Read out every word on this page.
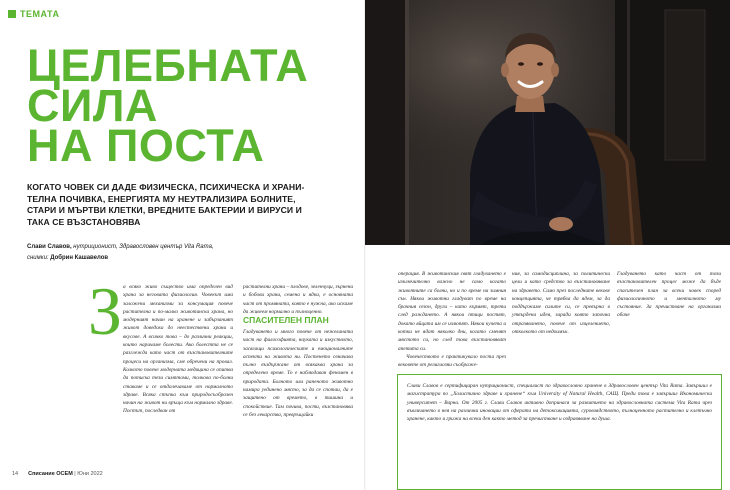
ТЕМАТА
ЦЕЛЕБНАТА
СИЛА
НА ПОСТА
КОГАТО ЧОВЕК СИ ДАДЕ ФИЗИЧЕСКА, ПСИХИЧЕСКА И ХРАНИ-ТЕЛНА ПОЧИВКА, ЕНЕРГИЯТА МУ НЕУТРАЛИЗИРА БОЛНИТЕ, СТАРИ И МЪРТВИ КЛЕТКИ, ВРЕДНИТЕ БАКТЕРИИ И ВИРУСИ И ТАКА СЕ ВЪЗСТАНОВЯВА
Слави Славов, нутриционист, Здравословен център Vita Rama,
снимки: Добрин Кашавелов
З а всяко живо същество има определен вид храна за неговата физиология. Човекът има заложени механизми за консумация повече растителна и по-малко животинска храна, но модерният начин на хранене и забързаният живот доведоха до неестествени храни и вкусове. А всичко това – до различни реакции, които наричаме болести. Ако болестта не се разглежда като част от възстановителните процеси на организма, сме обречени на провал. Колкото повече модерната медицина се опитва да потиска тези симптоми, толкова по-болни ставаме и се отдалечаваме от нормалното здраве. Всяка стъпка към природосъобразен начин на живот ни връща към нормално здраве. Постът, последван от
растителни храни – плодове, зеленчуци, зърнени и бобови храни, семена и ядки, е основната част от промяната, която е нужна, ако искаме да живеем нормално и пълноценно.
СПАСИТЕЛЕН ПЛАН
Гладуването и много повече от нежеланата част на философията, науката и изкуството, засягащи психологическите и емоционалните аспекти на живота ни. Постенето означава пълно въздържане от всякаква храна за определено време. То е наблюдаван феномен в природата. Болното или раненото животно намира уединено място, за да се спотаи, да е защитено от времето, в тишина и спокойствие. Там почива, пости, възстановява се без лекарства, превръщайки
14 Списание ОСЕМ | Юни 2022
операция. В животинския свят гладуването е изключително важно не само когато животните са болни, но и по време на зимния сън. Някои животни гладуват по време на брачния сезон, други – като кърмят, трети след раждането. А някои птици постят, докато яйцата им се излюпят. Някои кучета и котки не ядат няколко дни, когато сменят мястото си, но след това възстановяват апетита си.
Човечеството е практикувало поста през вековете от религиозни съображе-
ния, за самодисциплина, за политически цели и като средство за възстановяване на здравето. Само през последните векове концепцията, че трябва да ядем, за да поддържаме силите си, се превърна в утвърдена идея, заради която започна отразяването, повече от изцелението, отколкото от недоимък.
Гладуването като част от този възстановителен процес може да бъде спасителен план за всеки човек според физиологичното и менталното му състояние. За пречистване на организма обаче
Слави Славов е сертифициран нутриционист, специалист по здравословно хранене в Здравословен център Vita Rama. Завършил е магистратура по „Холистично здраве и хранене“ към University of Natural Health, САЩ. Преди това е завършил Икономически университет – Варна. От 2005 г. Слави Славов активно допринася за развитието на здравословната система Vita Rama чрез въвличането в нея на различни иновации от сферата на детоксикацията, суровоядството, пълноценното растително и клетъчно хранене, както и грижа на всеки ден както метод за пречистване и оздравяване на душа.
